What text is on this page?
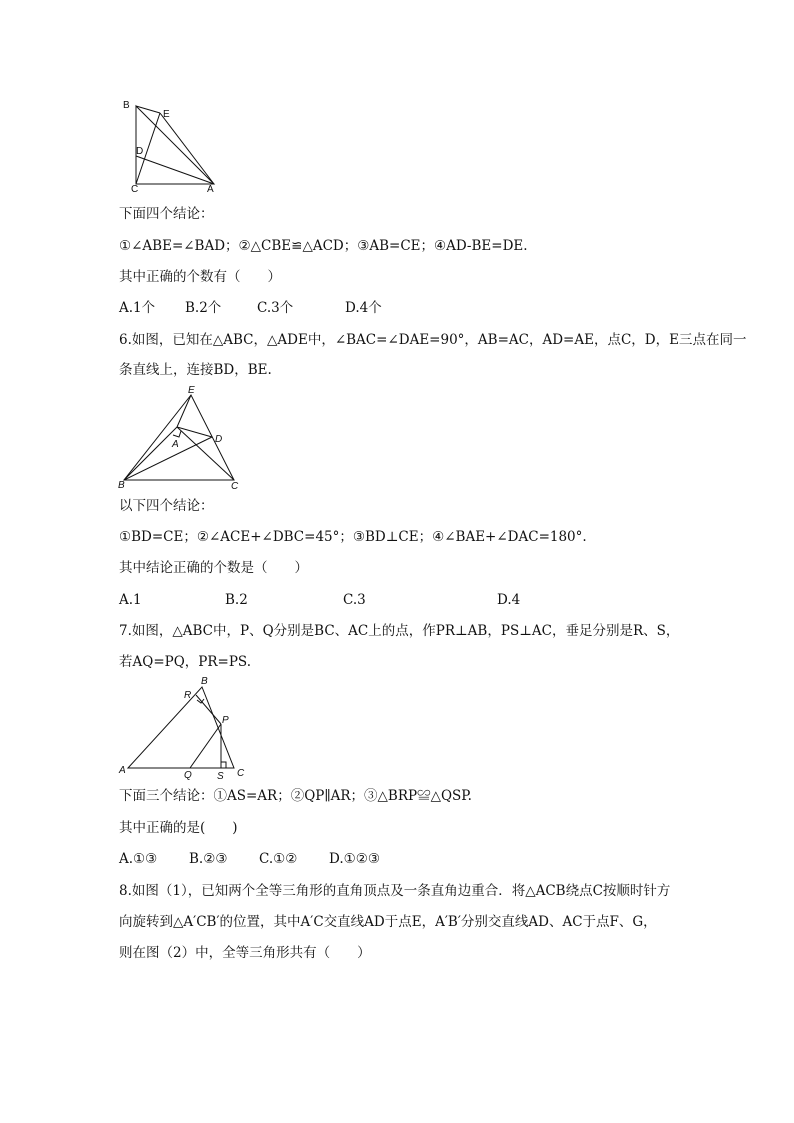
B
E
D
C	A
下面四个结论：
①∠ABE=∠BAD；②△CBE≌△ACD；③AB=CE；④AD-BE=DE.
其中正确的个数有（　　）
A.1个 B.2个	C.3个	D.4个
6.如图，已知在△ABC，△ADE中，∠BAC=∠DAE=90°，AB=AC，AD=AE，点C，D，E三点在同一
条直线上，连接BD，BE.
E
A	D
B	C
以下四个结论：
①BD=CE；②∠ACE+∠DBC=45°；③BD⊥CE；④∠BAE+∠DAC=180°.
其中结论正确的个数是（　　）
A.1	B.2	C.3	D.4
7.如图，△ABC中，P、Q分别是BC、AC上的点，作PR⊥AB，PS⊥AC，垂足分别是R、S，
若AQ=PQ，PR=PS.
B
R
P
A	Q	S C
下面三个结论：①AS=AR；②QP∥AR；③△BRP≌△QSP.
其中正确的是(　　)
A.①③ B.②③ C.①② D.①②③
8.如图（1），已知两个全等三角形的直角顶点及一条直角边重合．将△ACB绕点C按顺时针方
向旋转到△A′CB′的位置，其中A′C交直线AD于点E，A′B′分别交直线AD、AC于点F、G，
则在图（2）中，全等三角形共有（　　）
